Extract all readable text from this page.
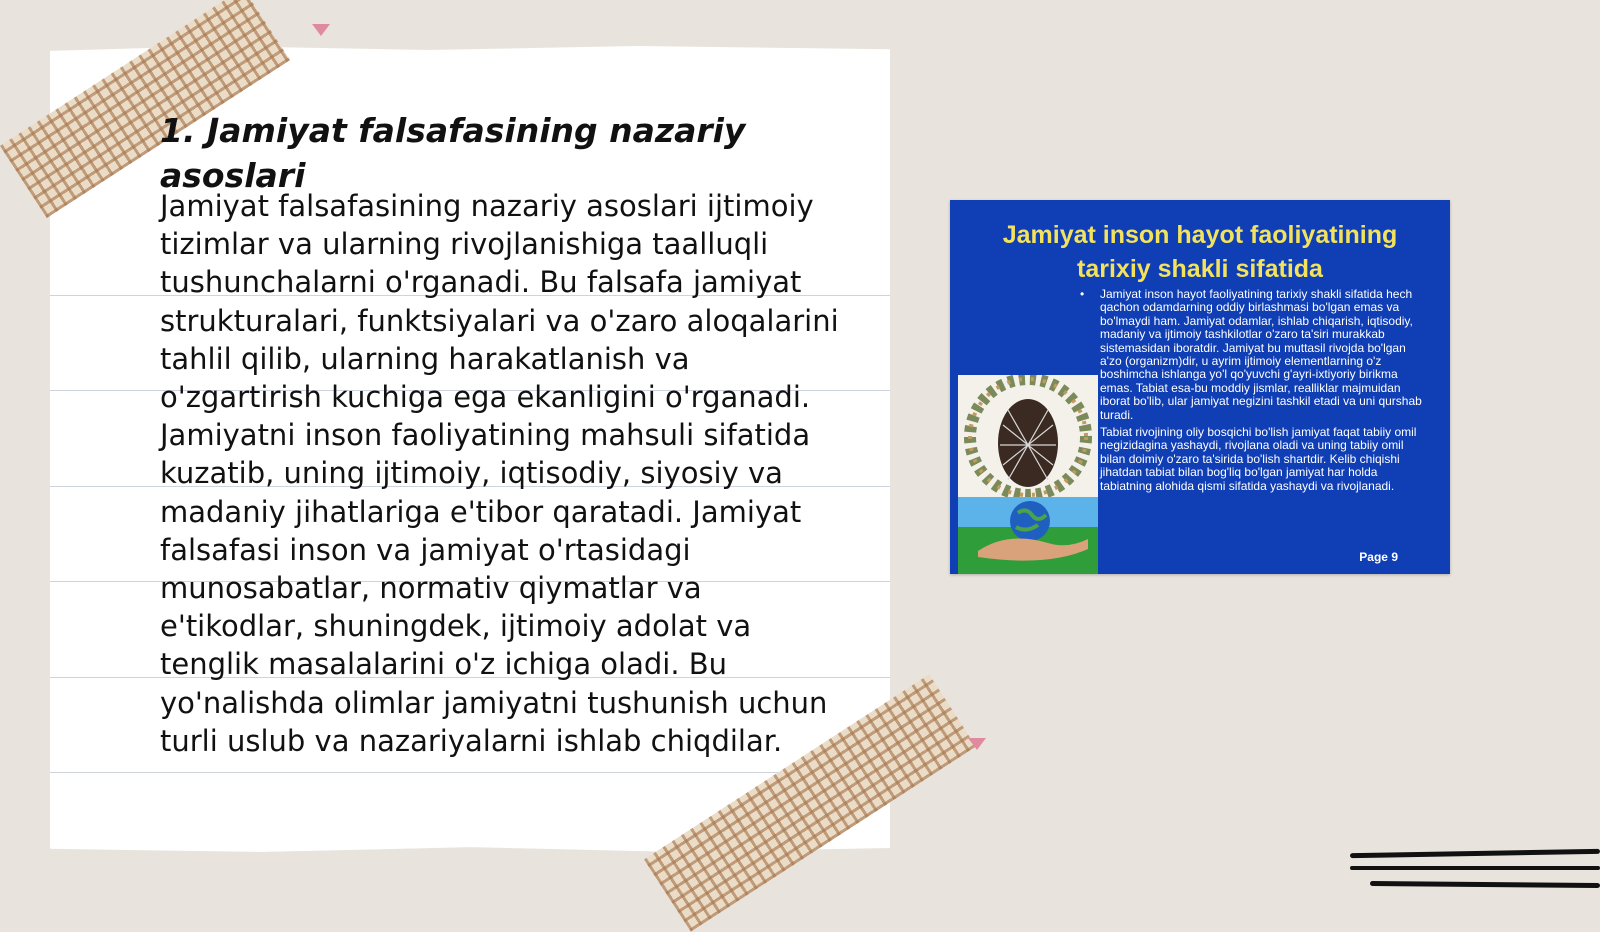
1. Jamiyat falsafasining nazariy asoslari

Jamiyat falsafasining nazariy asoslari ijtimoiy tizimlar va ularning rivojlanishiga taalluqli tushunchalarni o'rganadi. Bu falsafa jamiyat strukturalari, funktsiyalari va o'zaro aloqalarini tahlil qilib, ularning harakatlanish va o'zgartirish kuchiga ega ekanligini o'rganadi. Jamiyatni inson faoliyatining mahsuli sifatida kuzatib, uning ijtimoiy, iqtisodiy, siyosiy va madaniy jihatlariga e'tibor qaratadi. Jamiyat falsafasi inson va jamiyat o'rtasidagi munosabatlar, normativ qiymatlar va e'tikodlar, shuningdek, ijtimoiy adolat va tenglik masalalarini o'z ichiga oladi. Bu yo'nalishda olimlar jamiyatni tushunish uchun turli uslub va nazariyalarni ishlab chiqdilar.

Jamiyat inson hayot faoliyatining tarixiy shakli sifatida
• Jamiyat inson hayot faoliyatining tarixiy shakli sifatida hech qachon odamdarning oddiy birlashmasi bo'lgan emas va bo'lmaydi ham. Jamiyat odamlar, ishlab chiqarish, iqtisodiy, madaniy va ijtimoiy tashkilotlar o'zaro ta'siri murakkab sistemasidan iboratdir. Jamiyat bu muttasil rivojda bo'lgan a'zo (organizm)dir, u ayrim ijtimoiy elementlarning o'z boshimcha ishlanga yo'l qo'yuvchi g'ayri-ixtiyoriy birikma emas. Tabiat esa-bu moddiy jismlar, realliklar majmuidan iborat bo'lib, ular jamiyat negizini tashkil etadi va uni qurshab turadi.

Tabiat rivojining oliy bosqichi bo'lish jamiyat faqat tabiiy omil negizidagina yashaydi, rivojlana oladi va uning tabiiy omil bilan doimiy o'zaro ta'sirida bo'lish shartdir. Kelib chiqishi jihatdan tabiat bilan bog'liq bo'lgan jamiyat har holda tabiatning alohida qismi sifatida yashaydi va rivojlanadi.

Page 9
